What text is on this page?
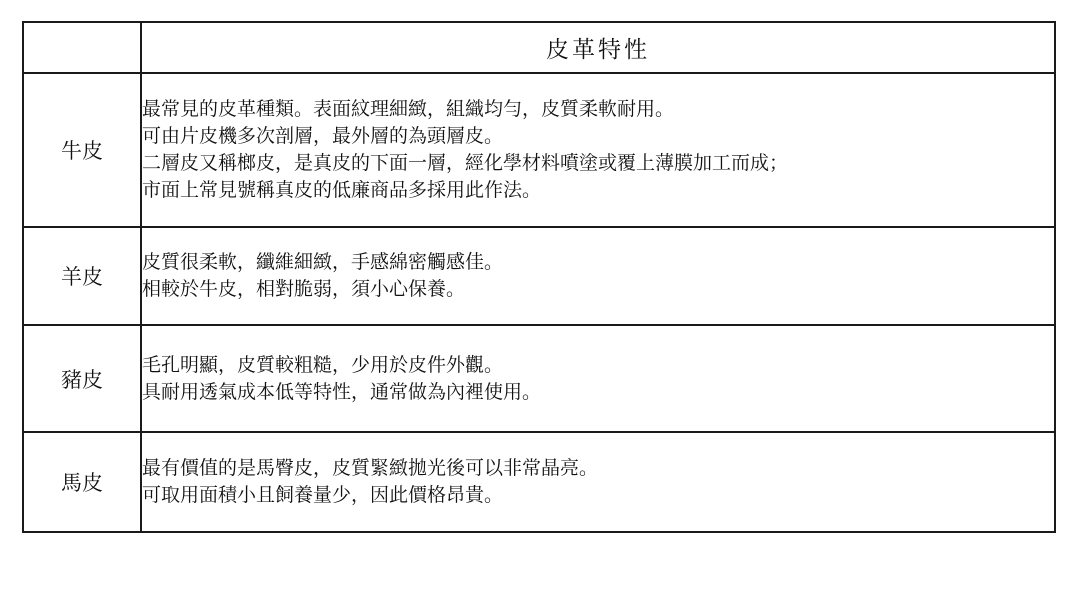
	皮革特性
牛皮	最常見的皮革種類。表面紋理細緻，組織均勻，皮質柔軟耐用。
可由片皮機多次剖層，最外層的為頭層皮。
二層皮又稱榔皮，是真皮的下面一層，經化學材料噴塗或覆上薄膜加工而成；
市面上常見號稱真皮的低廉商品多採用此作法。

羊皮	皮質很柔軟，纖維細緻，手感綿密觸感佳。
相較於牛皮，相對脆弱，須小心保養。

豬皮	毛孔明顯，皮質較粗糙，少用於皮件外觀。
具耐用透氣成本低等特性，通常做為內裡使用。

馬皮	最有價值的是馬臀皮，皮質緊緻拋光後可以非常晶亮。
可取用面積小且飼養量少，因此價格昂貴。
